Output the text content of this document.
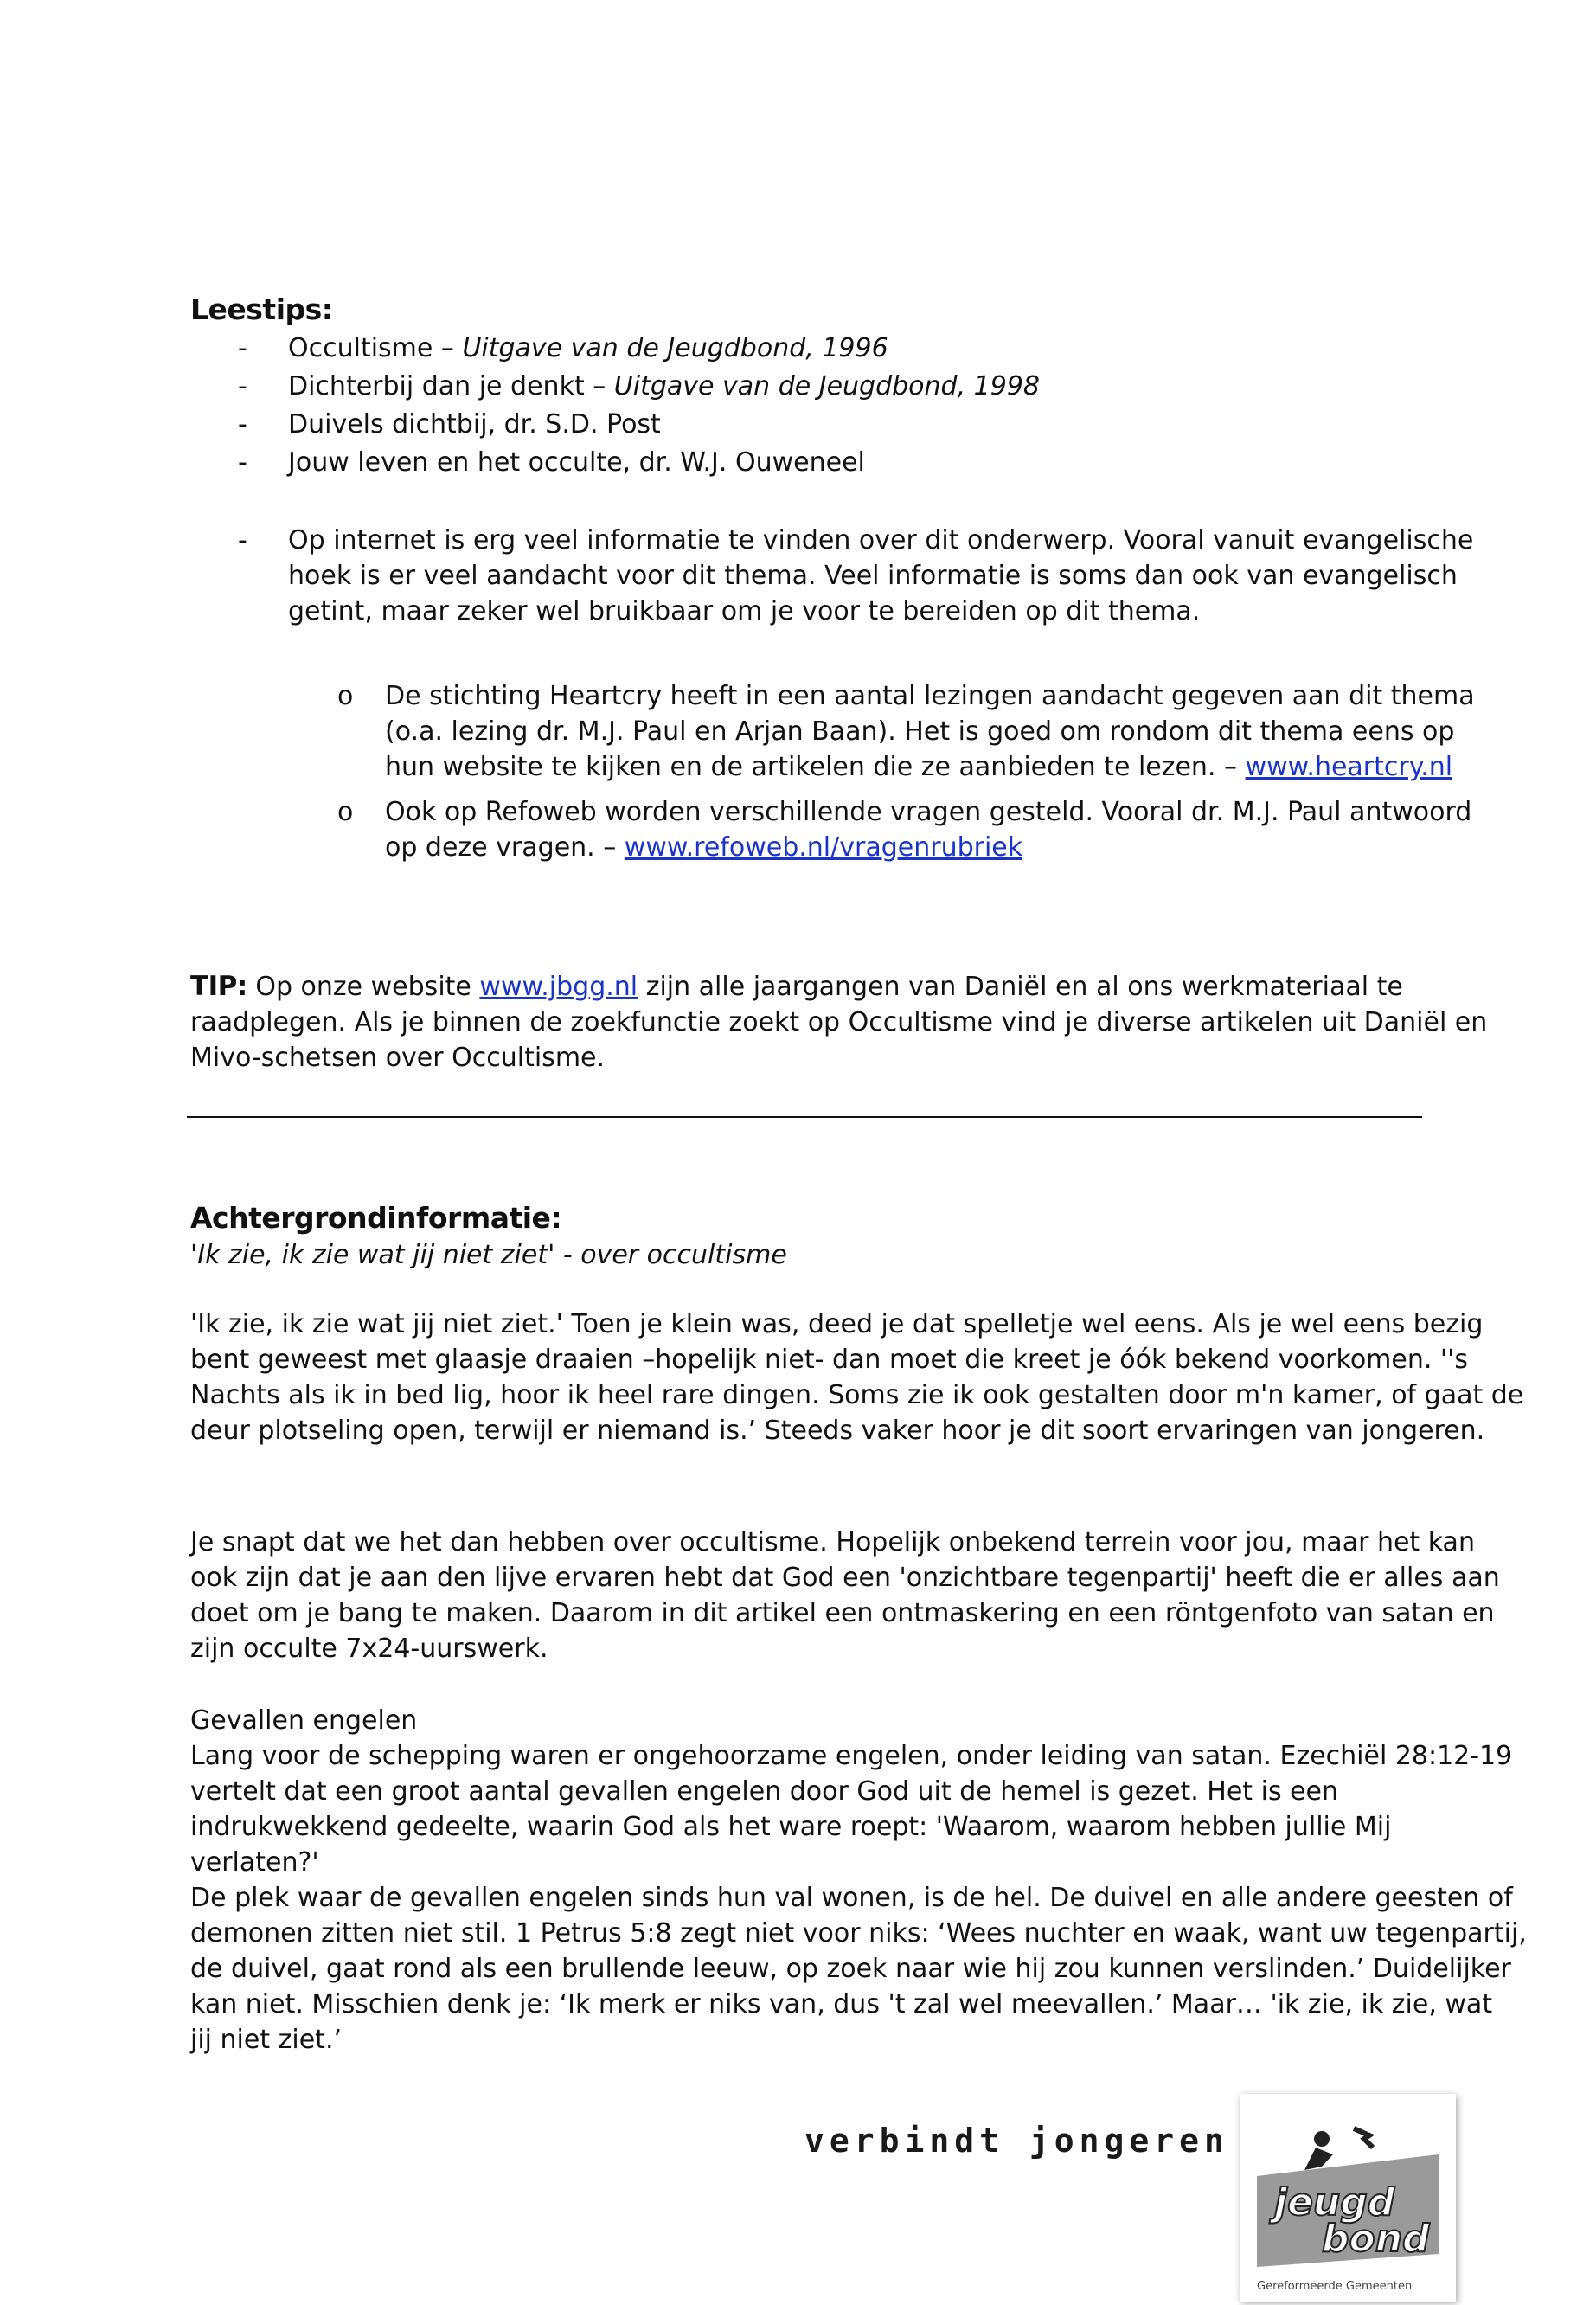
Leestips:
- Occultisme – Uitgave van de Jeugdbond, 1996
- Dichterbij dan je denkt – Uitgave van de Jeugdbond, 1998
- Duivels dichtbij, dr. S.D. Post
- Jouw leven en het occulte, dr. W.J. Ouweneel
- Op internet is erg veel informatie te vinden over dit onderwerp. Vooral vanuit evangelische
hoek is er veel aandacht voor dit thema. Veel informatie is soms dan ook van evangelisch
getint, maar zeker wel bruikbaar om je voor te bereiden op dit thema.
o De stichting Heartcry heeft in een aantal lezingen aandacht gegeven aan dit thema
(o.a. lezing dr. M.J. Paul en Arjan Baan). Het is goed om rondom dit thema eens op
hun website te kijken en de artikelen die ze aanbieden te lezen. – www.heartcry.nl
o Ook op Refoweb worden verschillende vragen gesteld. Vooral dr. M.J. Paul antwoord
op deze vragen. – www.refoweb.nl/vragenrubriek
TIP: Op onze website www.jbgg.nl zijn alle jaargangen van Daniël en al ons werkmateriaal te
raadplegen. Als je binnen de zoekfunctie zoekt op Occultisme vind je diverse artikelen uit Daniël en
Mivo-schetsen over Occultisme.
Achtergrondinformatie:
'Ik zie, ik zie wat jij niet ziet' - over occultisme
'Ik zie, ik zie wat jij niet ziet.' Toen je klein was, deed je dat spelletje wel eens. Als je wel eens bezig
bent geweest met glaasje draaien –hopelijk niet- dan moet die kreet je óók bekend voorkomen. ''s
Nachts als ik in bed lig, hoor ik heel rare dingen. Soms zie ik ook gestalten door m'n kamer, of gaat de
deur plotseling open, terwijl er niemand is.’ Steeds vaker hoor je dit soort ervaringen van jongeren.
Je snapt dat we het dan hebben over occultisme. Hopelijk onbekend terrein voor jou, maar het kan
ook zijn dat je aan den lijve ervaren hebt dat God een 'onzichtbare tegenpartij' heeft die er alles aan
doet om je bang te maken. Daarom in dit artikel een ontmaskering en een röntgenfoto van satan en
zijn occulte 7x24-uurswerk.
Gevallen engelen
Lang voor de schepping waren er ongehoorzame engelen, onder leiding van satan. Ezechiël 28:12-19
vertelt dat een groot aantal gevallen engelen door God uit de hemel is gezet. Het is een
indrukwekkend gedeelte, waarin God als het ware roept: 'Waarom, waarom hebben jullie Mij
verlaten?'
De plek waar de gevallen engelen sinds hun val wonen, is de hel. De duivel en alle andere geesten of
demonen zitten niet stil. 1 Petrus 5:8 zegt niet voor niks: ‘Wees nuchter en waak, want uw tegenpartij,
de duivel, gaat rond als een brullende leeuw, op zoek naar wie hij zou kunnen verslinden.’ Duidelijker
kan niet. Misschien denk je: ‘Ik merk er niks van, dus 't zal wel meevallen.’ Maar… 'ik zie, ik zie, wat
jij niet ziet.’
verbindt jongeren
jeugd
bond
Gereformeerde Gemeenten
